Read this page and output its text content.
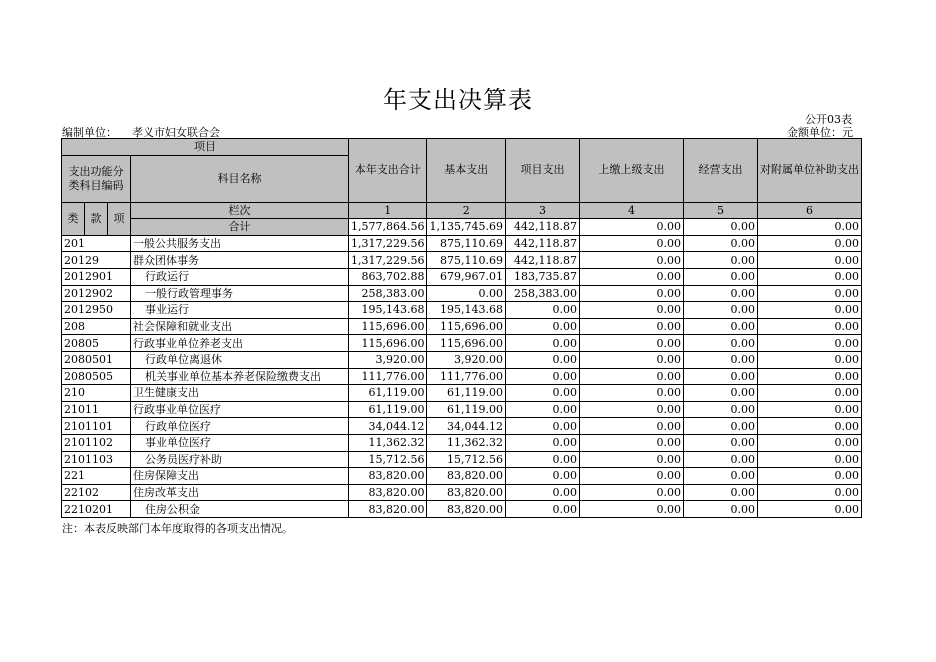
年支出决算表
公开03表
编制单位： 孝义市妇女联合会	金额单位：元
项目				本年支出合计	基本支出	项目支出	上缴上级支出	经营支出	对附属单位补助支出
支出功能分类科目编码			科目名称						

类	款	项	栏次	1	2	3	4	5	6
			合计	1,577,864.56	1,135,745.69	442,118.87	0.00	0.00	0.00
201			一般公共服务支出	1,317,229.56	875,110.69	442,118.87	0.00	0.00	0.00
20129			群众团体事务	1,317,229.56	875,110.69	442,118.87	0.00	0.00	0.00
2012901			行政运行	863,702.88	679,967.01	183,735.87	0.00	0.00	0.00
2012902			一般行政管理事务	258,383.00	0.00	258,383.00	0.00	0.00	0.00
2012950			事业运行	195,143.68	195,143.68	0.00	0.00	0.00	0.00
208			社会保障和就业支出	115,696.00	115,696.00	0.00	0.00	0.00	0.00
20805			行政事业单位养老支出	115,696.00	115,696.00	0.00	0.00	0.00	0.00
2080501			行政单位离退休	3,920.00	3,920.00	0.00	0.00	0.00	0.00
2080505			机关事业单位基本养老保险缴费支出	111,776.00	111,776.00	0.00	0.00	0.00	0.00
210			卫生健康支出	61,119.00	61,119.00	0.00	0.00	0.00	0.00
21011			行政事业单位医疗	61,119.00	61,119.00	0.00	0.00	0.00	0.00
2101101			行政单位医疗	34,044.12	34,044.12	0.00	0.00	0.00	0.00
2101102			事业单位医疗	11,362.32	11,362.32	0.00	0.00	0.00	0.00
2101103			公务员医疗补助	15,712.56	15,712.56	0.00	0.00	0.00	0.00
221			住房保障支出	83,820.00	83,820.00	0.00	0.00	0.00	0.00
22102			住房改革支出	83,820.00	83,820.00	0.00	0.00	0.00	0.00
2210201			住房公积金	83,820.00	83,820.00	0.00	0.00	0.00	0.00
注：本表反映部门本年度取得的各项支出情况。
